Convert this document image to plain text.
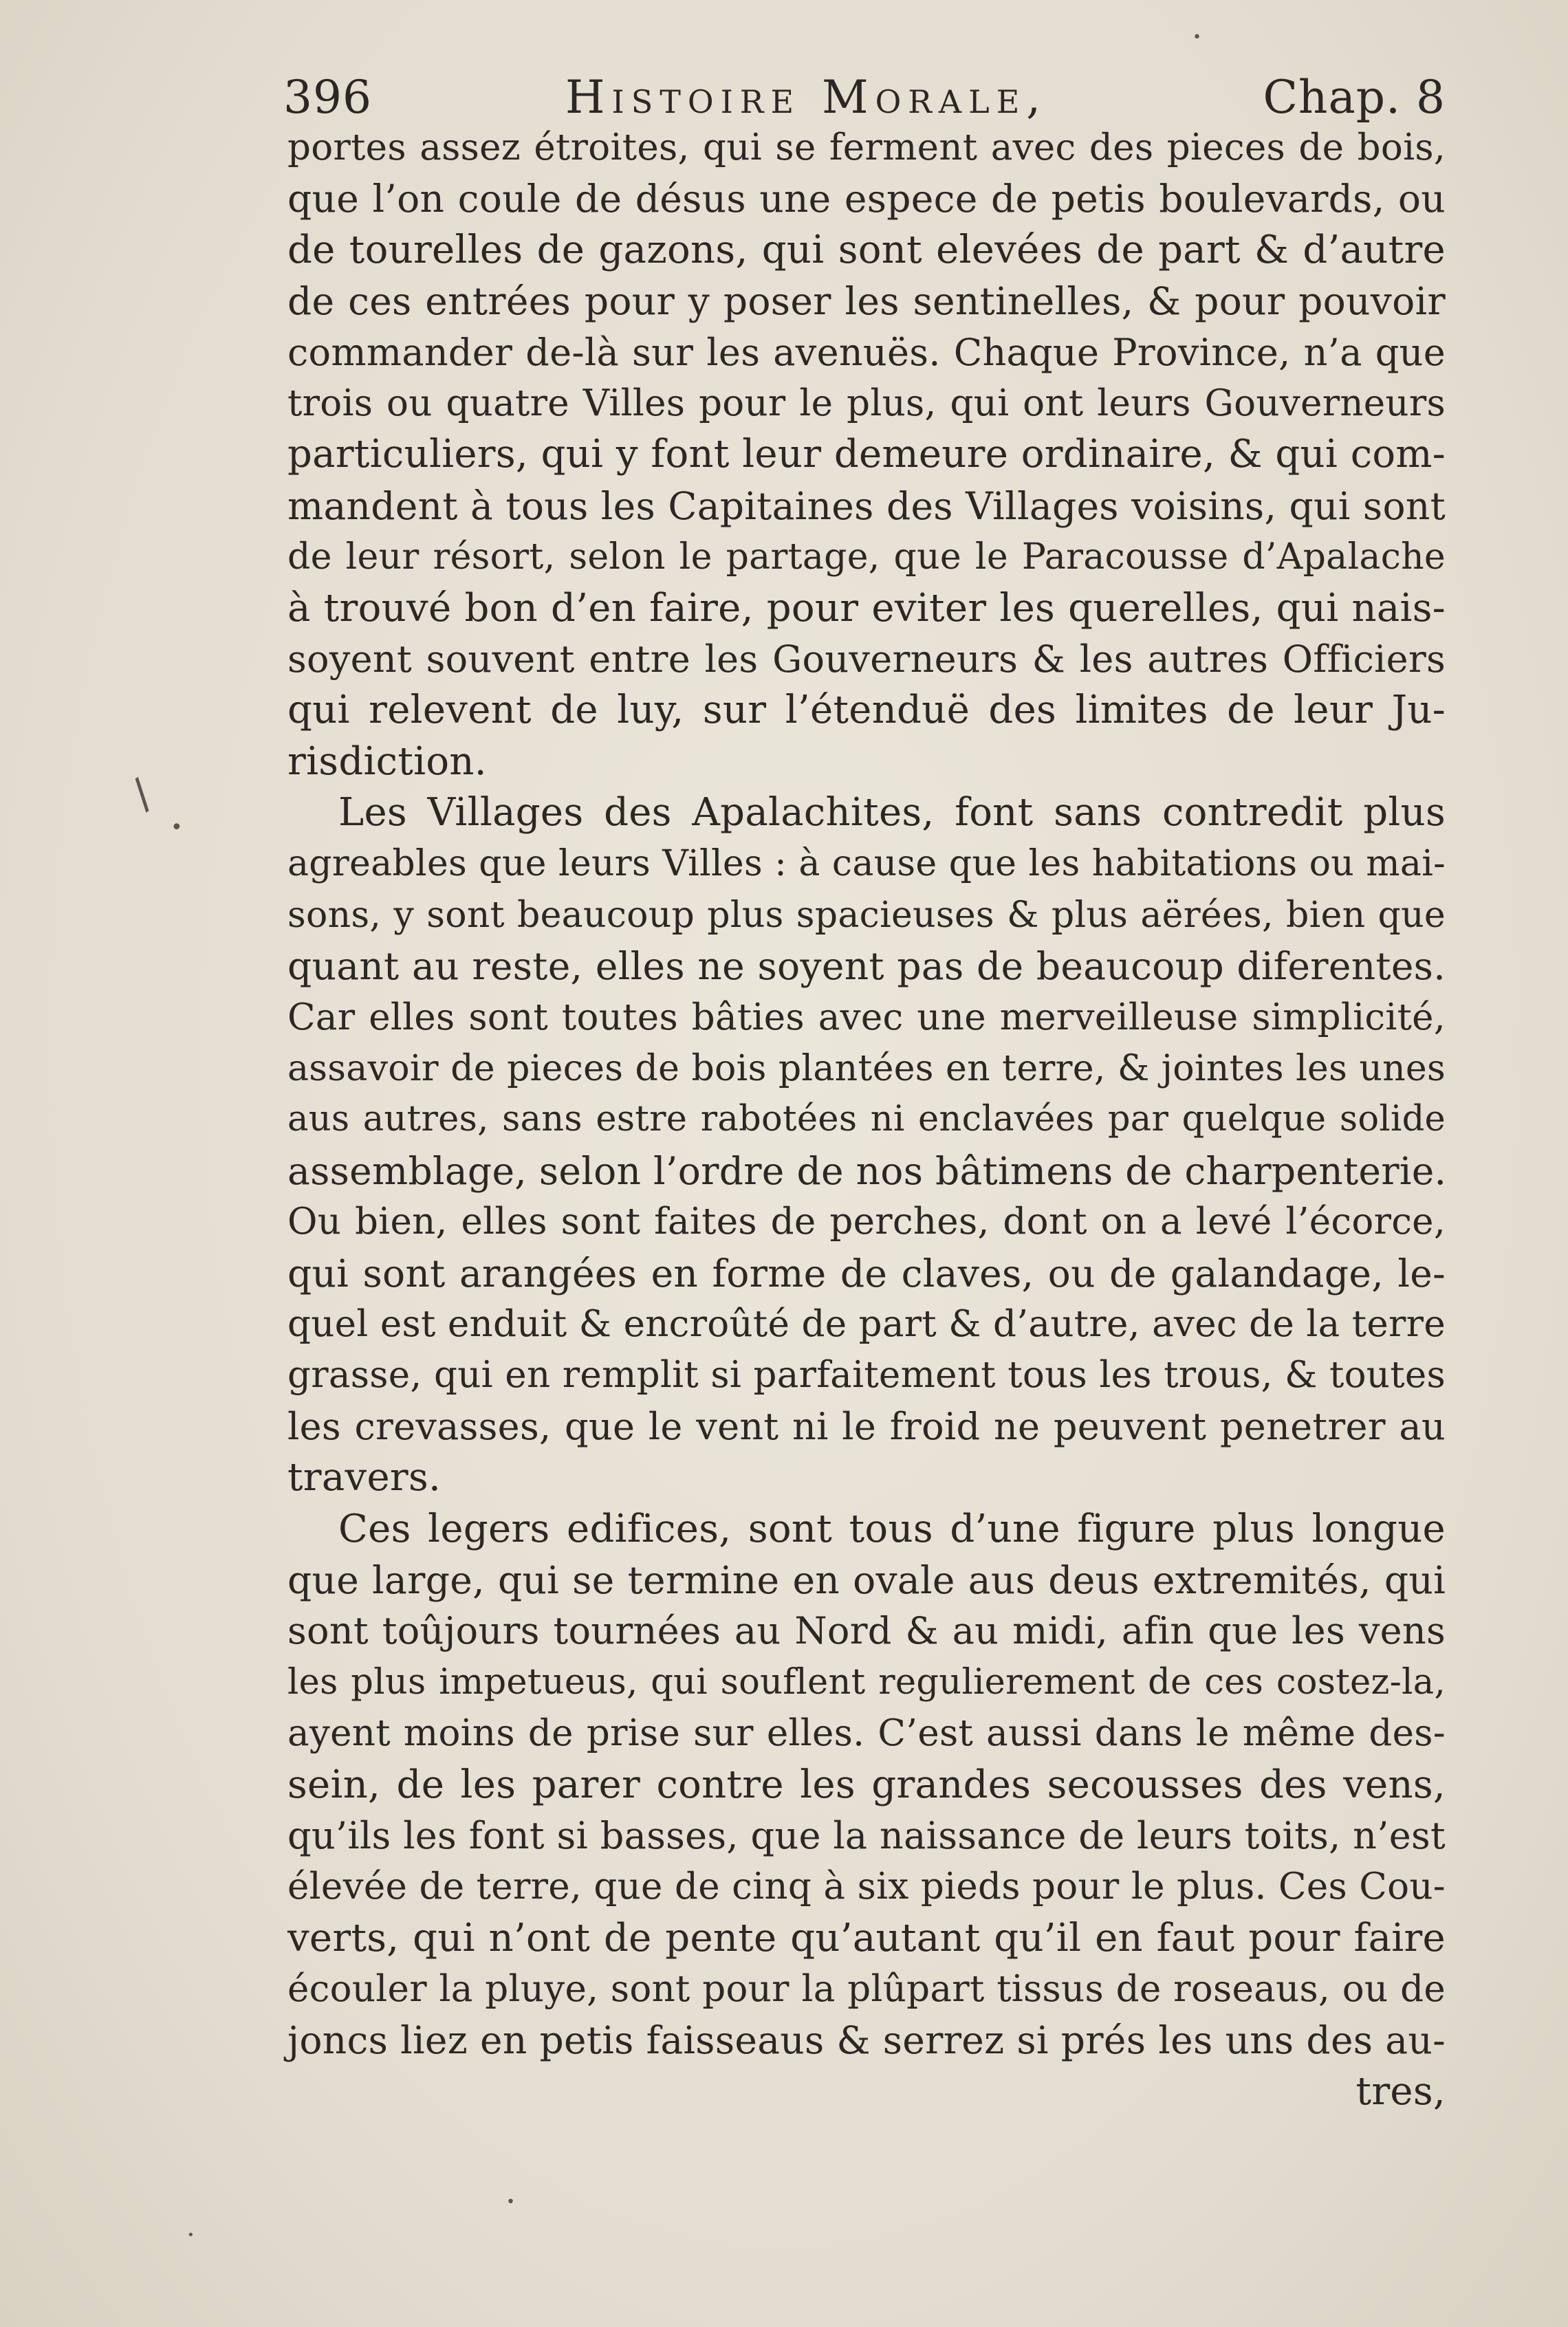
396	Histoire Morale,	Chap. 8
portes assez étroites, qui se ferment avec des pieces de bois,
que l’on coule de désus une espece de petis boulevards, ou
de tourelles de gazons, qui sont elevées de part & d’autre
de ces entrées pour y poser les sentinelles, & pour pouvoir
commander de-là sur les avenuës. Chaque Province, n’a que
trois ou quatre Villes pour le plus, qui ont leurs Gouverneurs
particuliers, qui y font leur demeure ordinaire, & qui com-
mandent à tous les Capitaines des Villages voisins, qui sont
de leur résort, selon le partage, que le Paracousse d’Apalache
à trouvé bon d’en faire, pour eviter les querelles, qui nais-
soyent souvent entre les Gouverneurs & les autres Officiers
qui relevent de luy, sur l’étenduë des limites de leur Ju-
risdiction.
Les Villages des Apalachites, font sans contredit plus
agreables que leurs Villes : à cause que les habitations ou mai-
sons, y sont beaucoup plus spacieuses & plus aërées, bien que
quant au reste, elles ne soyent pas de beaucoup diferentes.
Car elles sont toutes bâties avec une merveilleuse simplicité,
assavoir de pieces de bois plantées en terre, & jointes les unes
aus autres, sans estre rabotées ni enclavées par quelque solide
assemblage, selon l’ordre de nos bâtimens de charpenterie.
Ou bien, elles sont faites de perches, dont on a levé l’écorce,
qui sont arangées en forme de claves, ou de galandage, le-
quel est enduit & encroûté de part & d’autre, avec de la terre
grasse, qui en remplit si parfaitement tous les trous, & toutes
les crevasses, que le vent ni le froid ne peuvent penetrer au
travers.
Ces legers edifices, sont tous d’une figure plus longue
que large, qui se termine en ovale aus deus extremités, qui
sont toûjours tournées au Nord & au midi, afin que les vens
les plus impetueus, qui souflent regulierement de ces costez-la,
ayent moins de prise sur elles. C’est aussi dans le même des-
sein, de les parer contre les grandes secousses des vens,
qu’ils les font si basses, que la naissance de leurs toits, n’est
élevée de terre, que de cinq à six pieds pour le plus. Ces Cou-
verts, qui n’ont de pente qu’autant qu’il en faut pour faire
écouler la pluye, sont pour la plûpart tissus de roseaus, ou de
joncs liez en petis faisseaus & serrez si prés les uns des au-
tres,
/
•
•
•
•
